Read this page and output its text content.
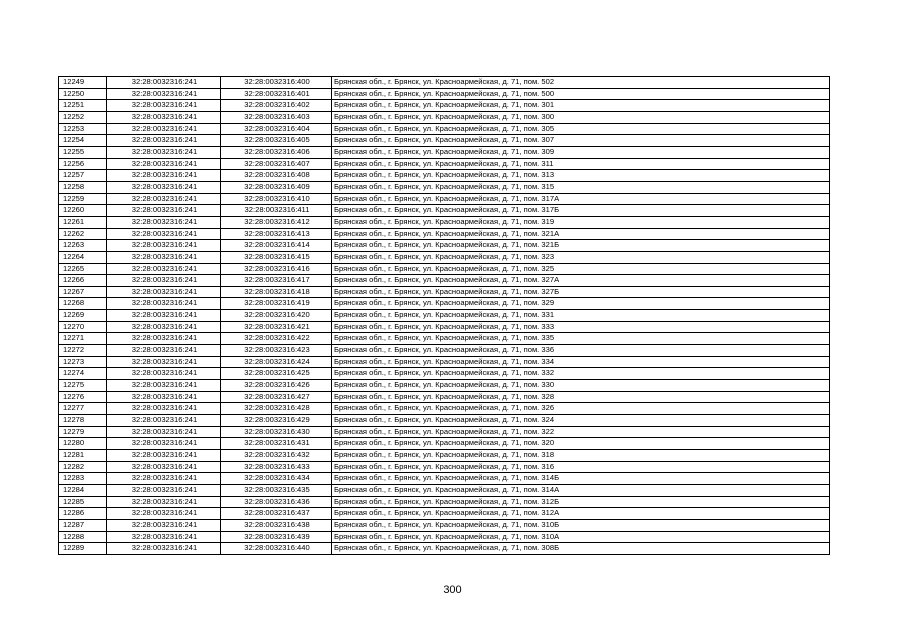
12249	32:28:0032316:241	32:28:0032316:400	Брянская обл., г. Брянск, ул. Красноармейская, д. 71, пом. 502
12250	32:28:0032316:241	32:28:0032316:401	Брянская обл., г. Брянск, ул. Красноармейская, д. 71, пом. 500
12251	32:28:0032316:241	32:28:0032316:402	Брянская обл., г. Брянск, ул. Красноармейская, д. 71, пом. 301
12252	32:28:0032316:241	32:28:0032316:403	Брянская обл., г. Брянск, ул. Красноармейская, д. 71, пом. 300
12253	32:28:0032316:241	32:28:0032316:404	Брянская обл., г. Брянск, ул. Красноармейская, д. 71, пом. 305
12254	32:28:0032316:241	32:28:0032316:405	Брянская обл., г. Брянск, ул. Красноармейская, д. 71, пом. 307
12255	32:28:0032316:241	32:28:0032316:406	Брянская обл., г. Брянск, ул. Красноармейская, д. 71, пом. 309
12256	32:28:0032316:241	32:28:0032316:407	Брянская обл., г. Брянск, ул. Красноармейская, д. 71, пом. 311
12257	32:28:0032316:241	32:28:0032316:408	Брянская обл., г. Брянск, ул. Красноармейская, д. 71, пом. 313
12258	32:28:0032316:241	32:28:0032316:409	Брянская обл., г. Брянск, ул. Красноармейская, д. 71, пом. 315
12259	32:28:0032316:241	32:28:0032316:410	Брянская обл., г. Брянск, ул. Красноармейская, д. 71, пом. 317А
12260	32:28:0032316:241	32:28:0032316:411	Брянская обл., г. Брянск, ул. Красноармейская, д. 71, пом. 317Б
12261	32:28:0032316:241	32:28:0032316:412	Брянская обл., г. Брянск, ул. Красноармейская, д. 71, пом. 319
12262	32:28:0032316:241	32:28:0032316:413	Брянская обл., г. Брянск, ул. Красноармейская, д. 71, пом. 321А
12263	32:28:0032316:241	32:28:0032316:414	Брянская обл., г. Брянск, ул. Красноармейская, д. 71, пом. 321Б
12264	32:28:0032316:241	32:28:0032316:415	Брянская обл., г. Брянск, ул. Красноармейская, д. 71, пом. 323
12265	32:28:0032316:241	32:28:0032316:416	Брянская обл., г. Брянск, ул. Красноармейская, д. 71, пом. 325
12266	32:28:0032316:241	32:28:0032316:417	Брянская обл., г. Брянск, ул. Красноармейская, д. 71, пом. 327А
12267	32:28:0032316:241	32:28:0032316:418	Брянская обл., г. Брянск, ул. Красноармейская, д. 71, пом. 327Б
12268	32:28:0032316:241	32:28:0032316:419	Брянская обл., г. Брянск, ул. Красноармейская, д. 71, пом. 329
12269	32:28:0032316:241	32:28:0032316:420	Брянская обл., г. Брянск, ул. Красноармейская, д. 71, пом. 331
12270	32:28:0032316:241	32:28:0032316:421	Брянская обл., г. Брянск, ул. Красноармейская, д. 71, пом. 333
12271	32:28:0032316:241	32:28:0032316:422	Брянская обл., г. Брянск, ул. Красноармейская, д. 71, пом. 335
12272	32:28:0032316:241	32:28:0032316:423	Брянская обл., г. Брянск, ул. Красноармейская, д. 71, пом. 336
12273	32:28:0032316:241	32:28:0032316:424	Брянская обл., г. Брянск, ул. Красноармейская, д. 71, пом. 334
12274	32:28:0032316:241	32:28:0032316:425	Брянская обл., г. Брянск, ул. Красноармейская, д. 71, пом. 332
12275	32:28:0032316:241	32:28:0032316:426	Брянская обл., г. Брянск, ул. Красноармейская, д. 71, пом. 330
12276	32:28:0032316:241	32:28:0032316:427	Брянская обл., г. Брянск, ул. Красноармейская, д. 71, пом. 328
12277	32:28:0032316:241	32:28:0032316:428	Брянская обл., г. Брянск, ул. Красноармейская, д. 71, пом. 326
12278	32:28:0032316:241	32:28:0032316:429	Брянская обл., г. Брянск, ул. Красноармейская, д. 71, пом. 324
12279	32:28:0032316:241	32:28:0032316:430	Брянская обл., г. Брянск, ул. Красноармейская, д. 71, пом. 322
12280	32:28:0032316:241	32:28:0032316:431	Брянская обл., г. Брянск, ул. Красноармейская, д. 71, пом. 320
12281	32:28:0032316:241	32:28:0032316:432	Брянская обл., г. Брянск, ул. Красноармейская, д. 71, пом. 318
12282	32:28:0032316:241	32:28:0032316:433	Брянская обл., г. Брянск, ул. Красноармейская, д. 71, пом. 316
12283	32:28:0032316:241	32:28:0032316:434	Брянская обл., г. Брянск, ул. Красноармейская, д. 71, пом. 314Б
12284	32:28:0032316:241	32:28:0032316:435	Брянская обл., г. Брянск, ул. Красноармейская, д. 71, пом. 314А
12285	32:28:0032316:241	32:28:0032316:436	Брянская обл., г. Брянск, ул. Красноармейская, д. 71, пом. 312Б
12286	32:28:0032316:241	32:28:0032316:437	Брянская обл., г. Брянск, ул. Красноармейская, д. 71, пом. 312А
12287	32:28:0032316:241	32:28:0032316:438	Брянская обл., г. Брянск, ул. Красноармейская, д. 71, пом. 310Б
12288	32:28:0032316:241	32:28:0032316:439	Брянская обл., г. Брянск, ул. Красноармейская, д. 71, пом. 310А
12289	32:28:0032316:241	32:28:0032316:440	Брянская обл., г. Брянск, ул. Красноармейская, д. 71, пом. 308Б
300
